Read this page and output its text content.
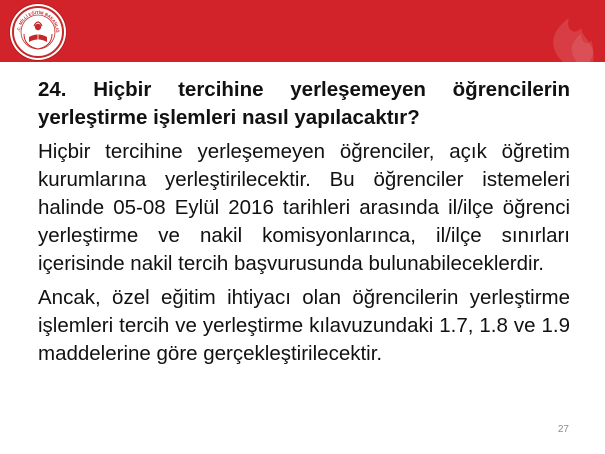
.C. MİLLİ EĞİTİM BAKANLIĞ

24. Hiçbir tercihine yerleşemeyen öğrencilerin yerleştirme işlemleri nasıl yapılacaktır?

Hiçbir tercihine yerleşemeyen öğrenciler, açık öğretim kurumlarına yerleştirilecektir. Bu öğrenciler istemeleri halinde 05-08 Eylül 2016 tarihleri arasında il/ilçe öğrenci yerleştirme ve nakil komisyonlarınca, il/ilçe sınırları içerisinde nakil tercih başvurusunda bulunabileceklerdir.

Ancak, özel eğitim ihtiyacı olan öğrencilerin yerleştirme işlemleri tercih ve yerleştirme kılavuzundaki 1.7, 1.8 ve 1.9 maddelerine göre gerçekleştirilecektir.

27
